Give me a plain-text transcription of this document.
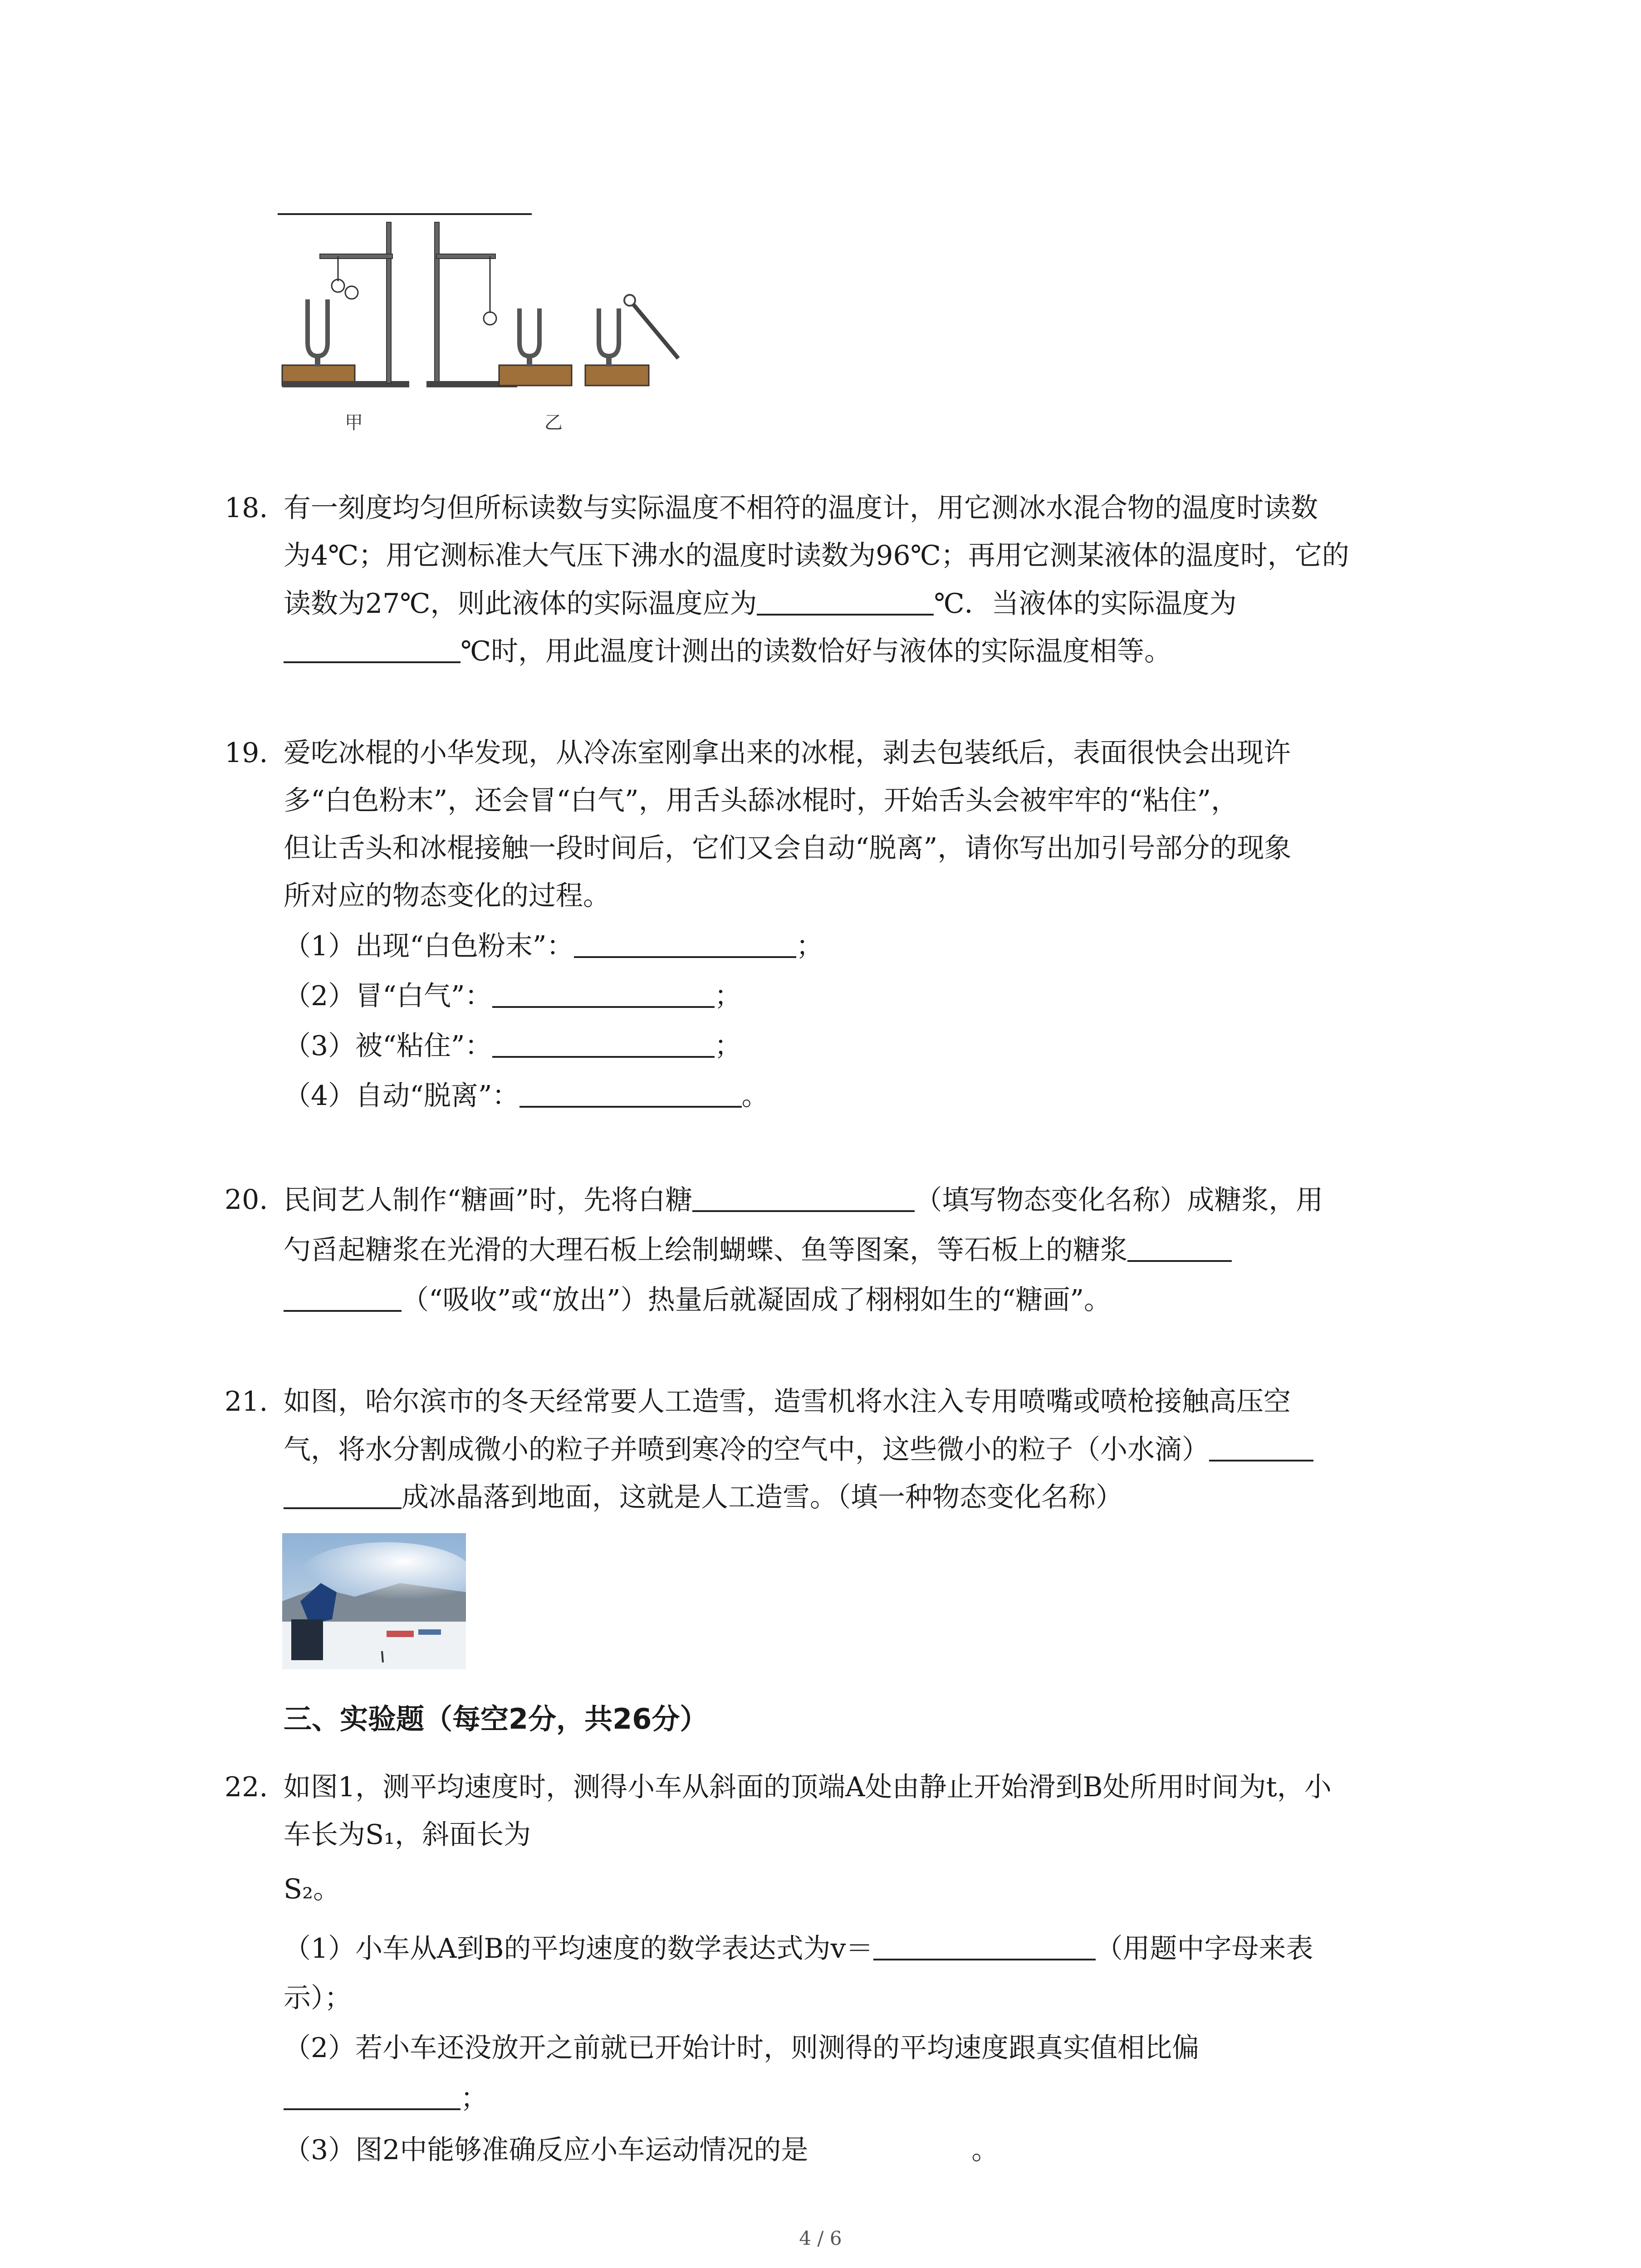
甲	乙
18. 有一刻度均匀但所标读数与实际温度不相符的温度计，用它测冰水混合物的温度时读数
为4℃；用它测标准大气压下沸水的温度时读数为96℃；再用它测某液体的温度时，它的
读数为27℃，则此液体的实际温度应为	℃．当液体的实际温度为
℃时，用此温度计测出的读数恰好与液体的实际温度相等。
19. 爱吃冰棍的小华发现，从冷冻室刚拿出来的冰棍，剥去包装纸后，表面很快会出现许
多“白色粉末”，还会冒“白气”，用舌头舔冰棍时，开始舌头会被牢牢的“粘住”，
但让舌头和冰棍接触一段时间后，它们又会自动“脱离”，请你写出加引号部分的现象
所对应的物态变化的过程。
（1）出现“白色粉末”：	；
（2）冒“白气”：	；
（3）被“粘住”：	；
（4）自动“脱离”：	。
20. 民间艺人制作“糖画”时，先将白糖	（填写物态变化名称）成糖浆，用
勺舀起糖浆在光滑的大理石板上绘制蝴蝶、鱼等图案，等石板上的糖浆
（“吸收”或“放出”）热量后就凝固成了栩栩如生的“糖画”。
21. 如图，哈尔滨市的冬天经常要人工造雪，造雪机将水注入专用喷嘴或喷枪接触高压空
气，将水分割成微小的粒子并喷到寒冷的空气中，这些微小的粒子（小水滴）
成冰晶落到地面，这就是人工造雪。（填一种物态变化名称）
三、实验题（每空2分，共26分）
22. 如图1，测平均速度时，测得小车从斜面的顶端A处由静止开始滑到B处所用时间为t，小
车长为S₁，斜面长为
S₂。
（1）小车从A到B的平均速度的数学表达式为v＝	（用题中字母来表
示）；
（2）若小车还没放开之前就已开始计时，则测得的平均速度跟真实值相比偏
；
（3）图2中能够准确反应小车运动情况的是	。
4 / 6
